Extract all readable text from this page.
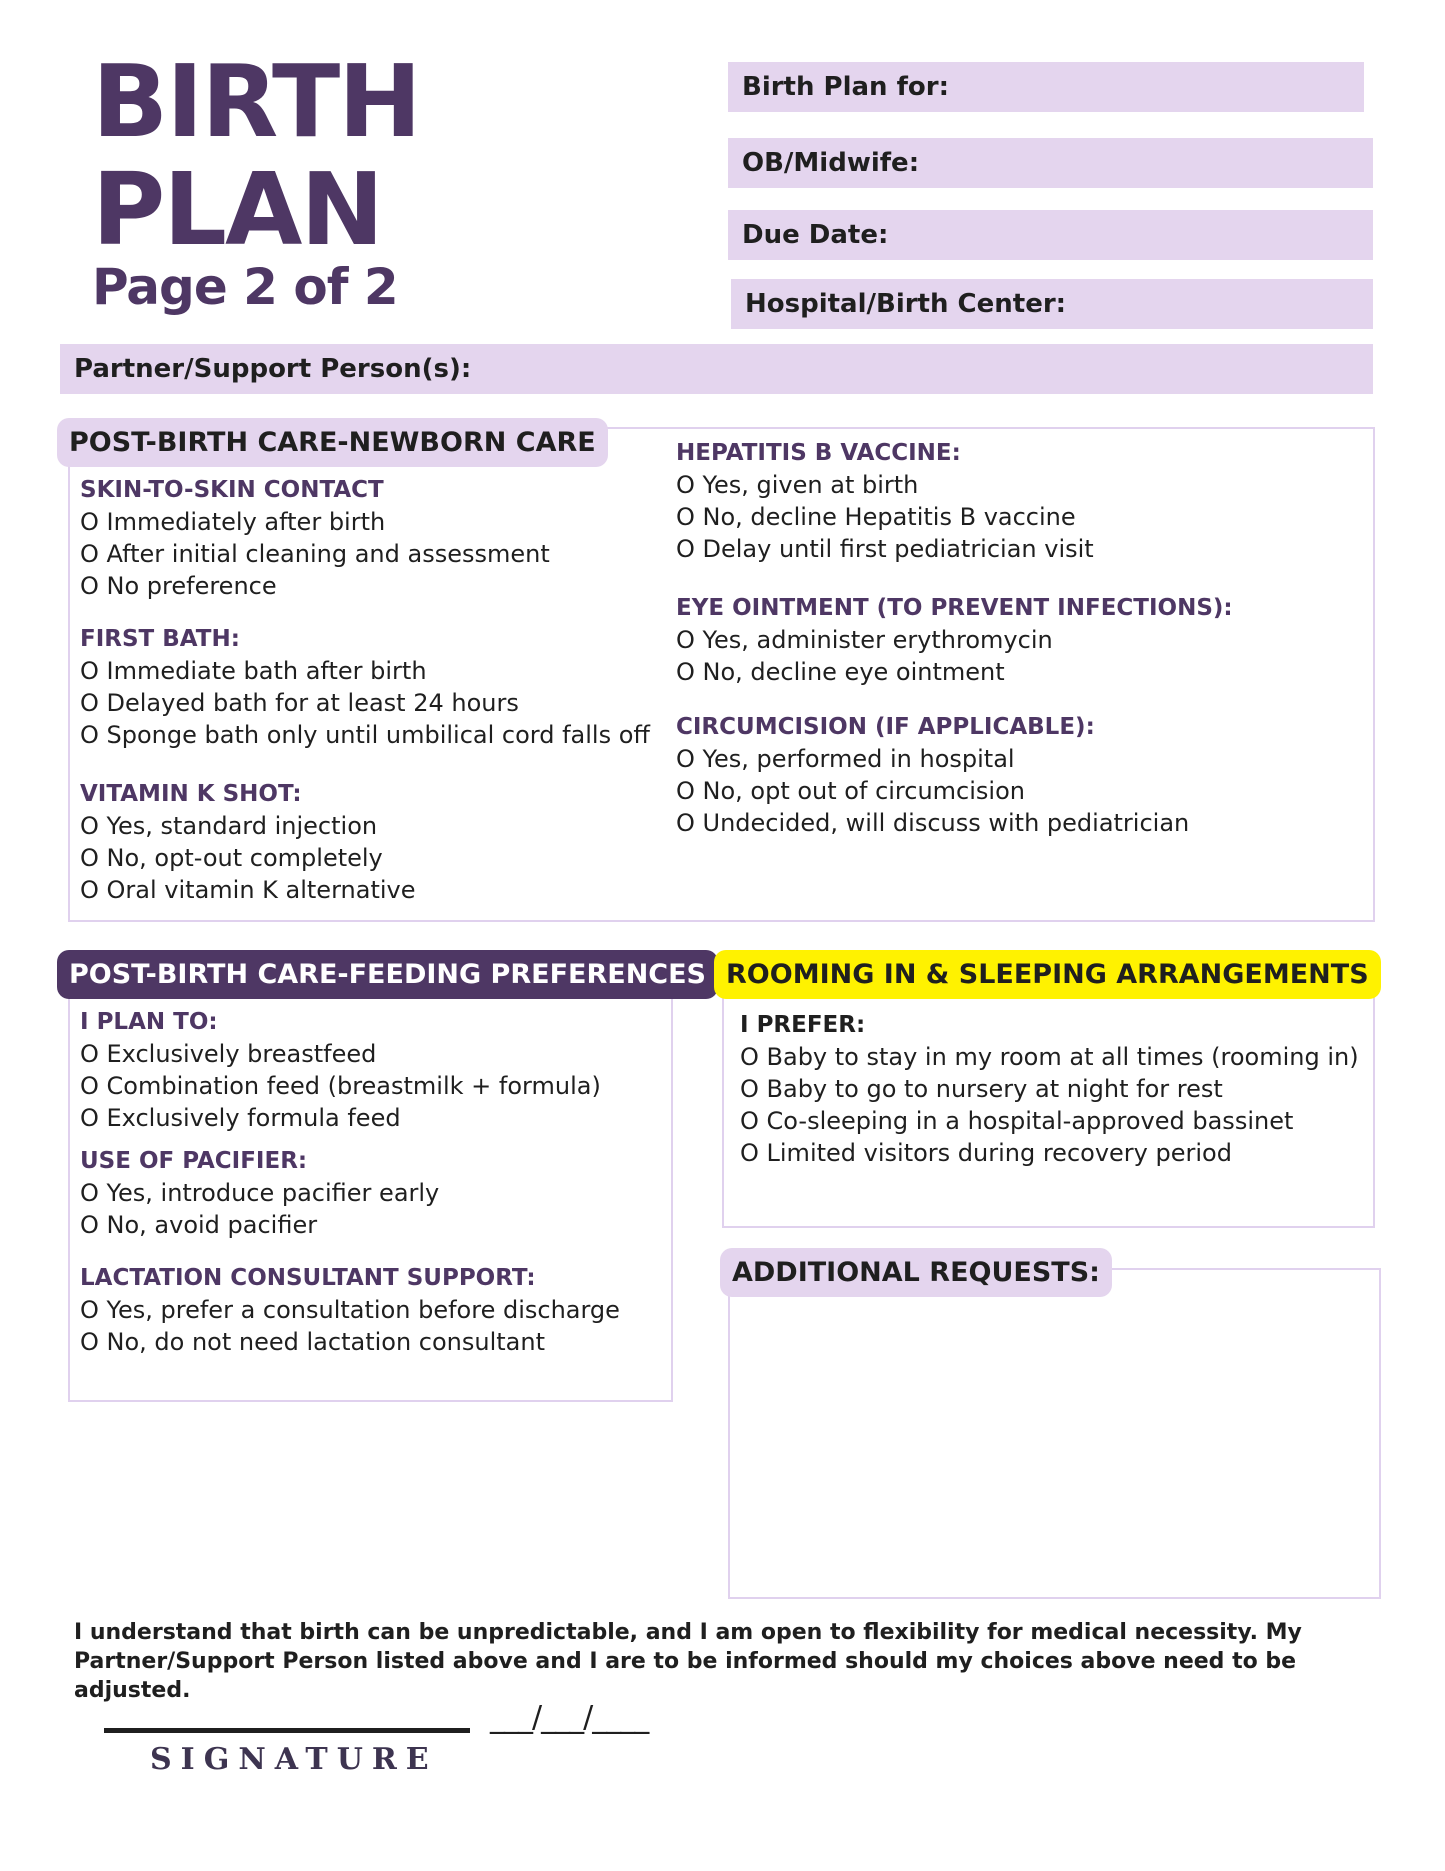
BIRTH
PLAN
Page 2 of 2
Birth Plan for:
OB/Midwife:
Due Date:
Hospital/Birth Center:
Partner/Support Person(s):
POST-BIRTH CARE-NEWBORN CARE
SKIN-TO-SKIN CONTACT
O Immediately after birth
O After initial cleaning and assessment
O No preference
FIRST BATH:
O Immediate bath after birth
O Delayed bath for at least 24 hours
O Sponge bath only until umbilical cord falls off
VITAMIN K SHOT:
O Yes, standard injection
O No, opt-out completely
O Oral vitamin K alternative
HEPATITIS B VACCINE:
O Yes, given at birth
O No, decline Hepatitis B vaccine
O Delay until first pediatrician visit
EYE OINTMENT (TO PREVENT INFECTIONS):
O Yes, administer erythromycin
O No, decline eye ointment
CIRCUMCISION (IF APPLICABLE):
O Yes, performed in hospital
O No, opt out of circumcision
O Undecided, will discuss with pediatrician
POST-BIRTH CARE-FEEDING PREFERENCES
I PLAN TO:
O Exclusively breastfeed
O Combination feed (breastmilk + formula)
O Exclusively formula feed
USE OF PACIFIER:
O Yes, introduce pacifier early
O No, avoid pacifier
LACTATION CONSULTANT SUPPORT:
O Yes, prefer a consultation before discharge
O No, do not need lactation consultant
ROOMING IN & SLEEPING ARRANGEMENTS
I PREFER:
O Baby to stay in my room at all times (rooming in)
O Baby to go to nursery at night for rest
O Co-sleeping in a hospital-approved bassinet
O Limited visitors during recovery period
ADDITIONAL REQUESTS:
I understand that birth can be unpredictable, and I am open to flexibility for medical necessity. My
Partner/Support Person listed above and I are to be informed should my choices above need to be adjusted.
SIGNATURE
___/___/____
